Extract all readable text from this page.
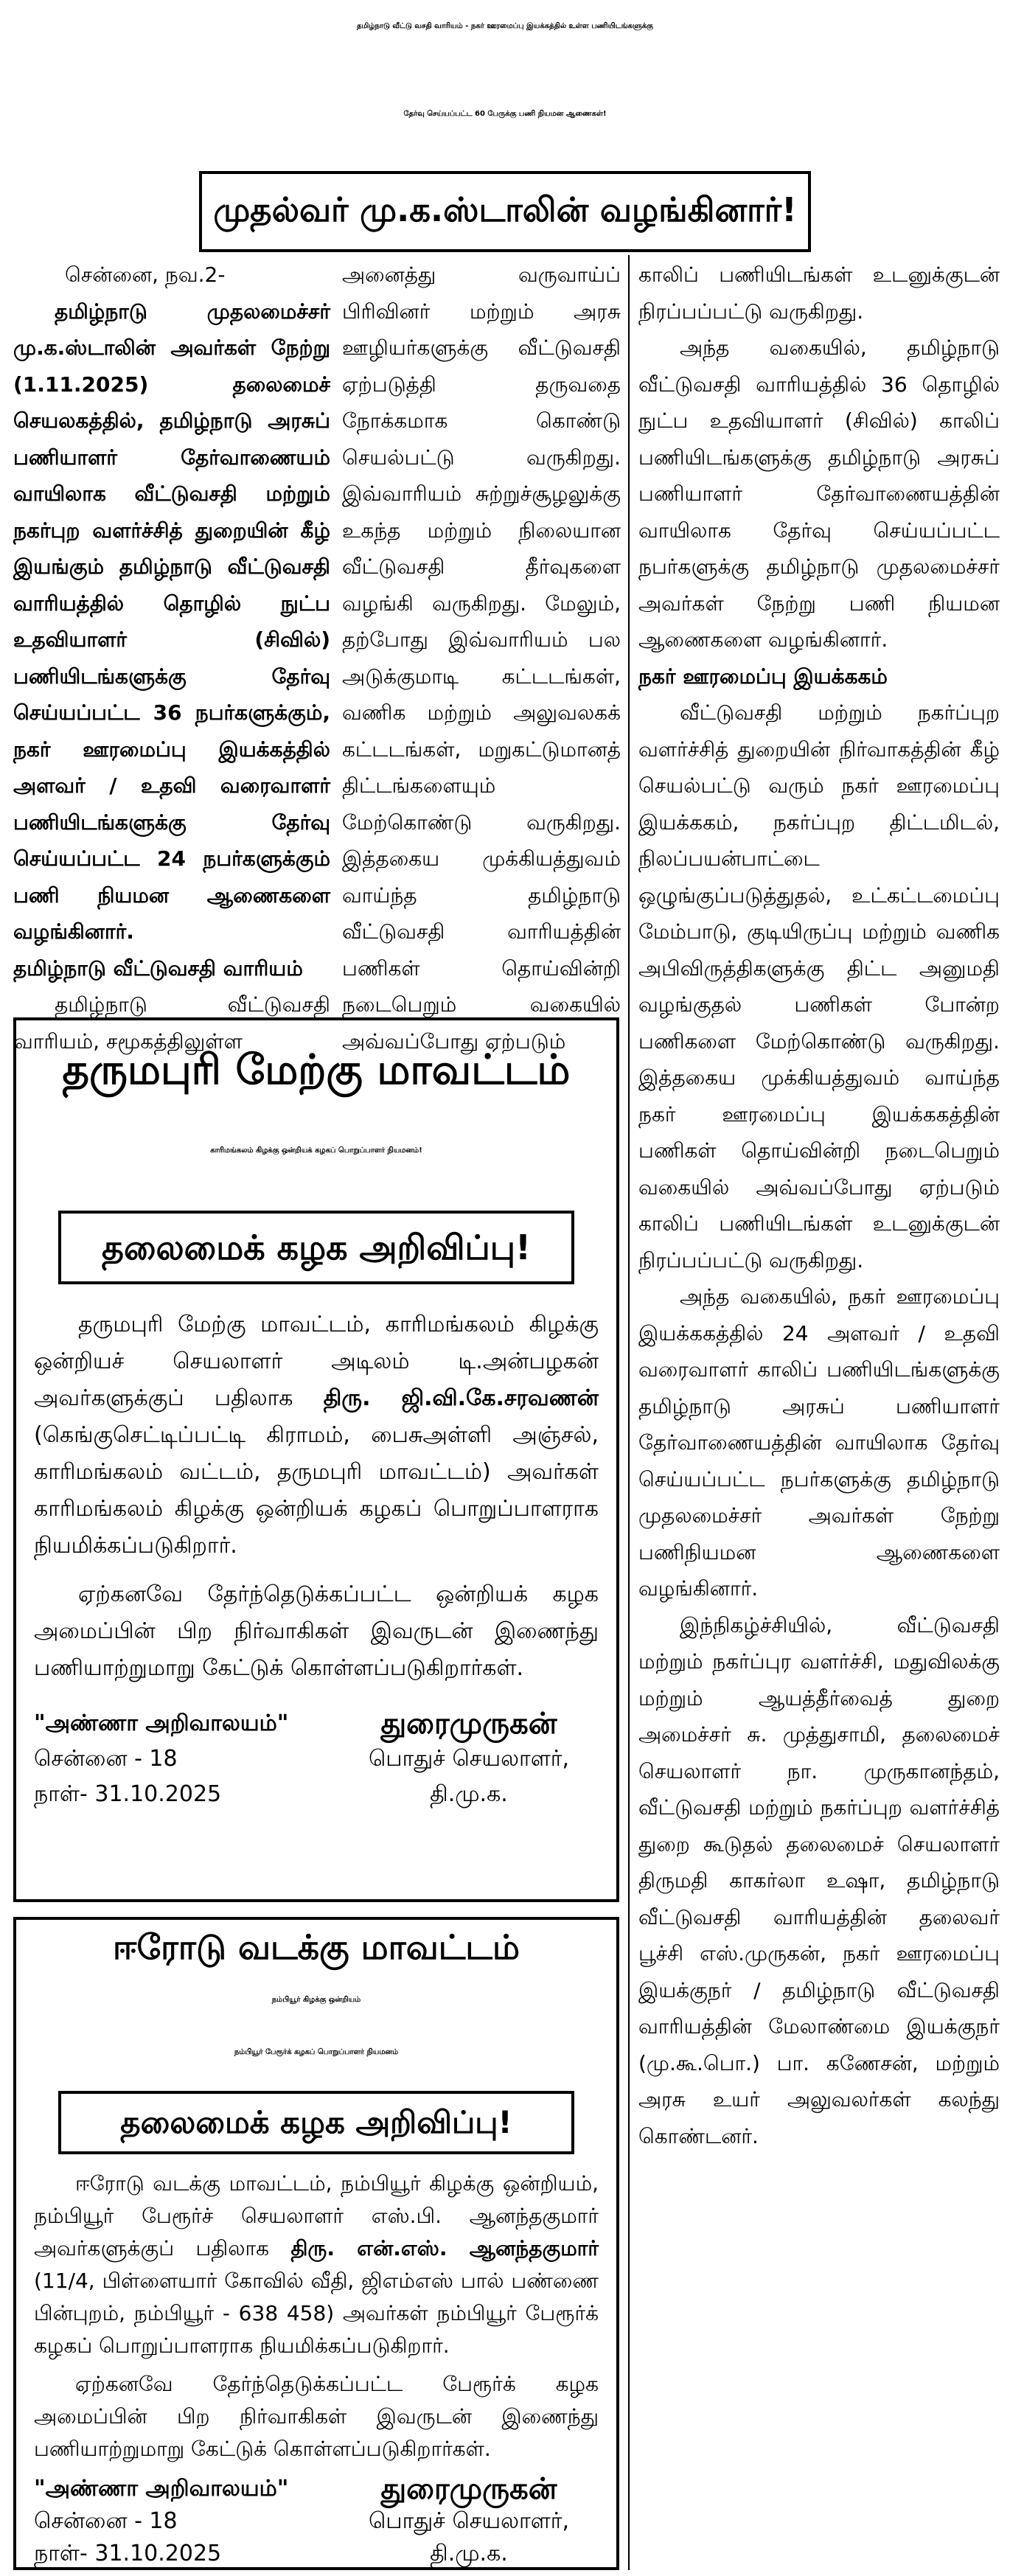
தமிழ்நாடு வீட்டு வசதி வாரியம் - நகர் ஊரமைப்பு இயக்கத்தில் உள்ள பணியிடங்களுக்கு
தேர்வு செய்யப்பட்ட 60 பேருக்கு பணி நியமன ஆணைகள்!
முதல்வர் மு.க.ஸ்டாலின் வழங்கினார்!

சென்னை, நவ.2-

தமிழ்நாடு முதலமைச்சர் மு.க.ஸ்டாலின் அவர்கள் நேற்று (1.11.2025) தலைமைச் செயலகத்தில், தமிழ்நாடு அரசுப் பணியாளர் தேர்வாணையம் வாயிலாக வீட்டுவசதி மற்றும் நகர்புற வளர்ச்சித் துறையின் கீழ் இயங்கும் தமிழ்நாடு வீட்டுவசதி வாரியத்தில் தொழில் நுட்ப உதவியாளர் (சிவில்) பணியிடங்களுக்கு தேர்வு செய்யப்பட்ட 36 நபர்களுக்கும், நகர் ஊரமைப்பு இயக்கத்தில் அளவர் / உதவி வரைவாளர் பணியிடங்களுக்கு தேர்வு செய்யப்பட்ட 24 நபர்களுக்கும் பணி நியமன ஆணைகளை வழங்கினார்.

தமிழ்நாடு வீட்டுவசதி வாரியம்

தமிழ்நாடு வீட்டுவசதி வாரியம், சமூகத்திலுள்ள

அனைத்து வருவாய்ப் பிரிவினர் மற்றும் அரசு ஊழியர்களுக்கு வீட்டுவசதி ஏற்படுத்தி தருவதை நோக்கமாக கொண்டு செயல்பட்டு வருகிறது. இவ்வாரியம் சுற்றுச்சூழலுக்கு உகந்த மற்றும் நிலையான வீட்டுவசதி தீர்வுகளை வழங்கி வருகிறது. மேலும், தற்போது இவ்வாரியம் பல அடுக்குமாடி கட்டடங்கள், வணிக மற்றும் அலுவலகக் கட்டடங்கள், மறுகட்டுமானத் திட்டங்களையும் மேற்கொண்டு வருகிறது. இத்தகைய முக்கியத்துவம் வாய்ந்த தமிழ்நாடு வீட்டுவசதி வாரியத்தின் பணிகள் தொய்வின்றி நடைபெறும் வகையில் அவ்வப்போது ஏற்படும்

காலிப் பணியிடங்கள் உடனுக்குடன் நிரப்பப்பட்டு வருகிறது.

அந்த வகையில், தமிழ்நாடு வீட்டுவசதி வாரியத்தில் 36 தொழில் நுட்ப உதவியாளர் (சிவில்) காலிப் பணியிடங்களுக்கு தமிழ்நாடு அரசுப் பணியாளர் தேர்வாணையத்தின் வாயிலாக தேர்வு செய்யப்பட்ட நபர்களுக்கு தமிழ்நாடு முதலமைச்சர் அவர்கள் நேற்று பணி நியமன ஆணைகளை வழங்கினார்.

நகர் ஊரமைப்பு இயக்ககம்

வீட்டுவசதி மற்றும் நகர்ப்புற வளர்ச்சித் துறையின் நிர்வாகத்தின் கீழ் செயல்பட்டு வரும் நகர் ஊரமைப்பு இயக்ககம், நகர்ப்புற திட்டமிடல், நிலப்பயன்பாட்டை ஒழுங்குப்படுத்துதல், உட்கட்டமைப்பு மேம்பாடு, குடியிருப்பு மற்றும் வணிக அபிவிருத்திகளுக்கு திட்ட அனுமதி வழங்குதல் பணிகள் போன்ற பணிகளை மேற்கொண்டு வருகிறது. இத்தகைய முக்கியத்துவம் வாய்ந்த நகர் ஊரமைப்பு இயக்ககத்தின் பணிகள் தொய்வின்றி நடைபெறும் வகையில் அவ்வப்போது ஏற்படும் காலிப் பணியிடங்கள் உடனுக்குடன் நிரப்பப்பட்டு வருகிறது.

அந்த வகையில், நகர் ஊரமைப்பு இயக்ககத்தில் 24 அளவர் / உதவி வரைவாளர் காலிப் பணியிடங்களுக்கு தமிழ்நாடு அரசுப் பணியாளர் தேர்வாணையத்தின் வாயிலாக தேர்வு செய்யப்பட்ட நபர்களுக்கு தமிழ்நாடு முதலமைச்சர் அவர்கள் நேற்று பணிநியமன ஆணைகளை வழங்கினார்.

இந்நிகழ்ச்சியில், வீட்டுவசதி மற்றும் நகர்ப்புர வளர்ச்சி, மதுவிலக்கு மற்றும் ஆயத்தீர்வைத் துறை அமைச்சர் சு. முத்துசாமி, தலைமைச் செயலாளர் நா. முருகானந்தம், வீட்டுவசதி மற்றும் நகர்ப்புற வளர்ச்சித் துறை கூடுதல் தலைமைச் செயலாளர் திருமதி காகர்லா உஷா, தமிழ்நாடு வீட்டுவசதி வாரியத்தின் தலைவர் பூச்சி எஸ்.முருகன், நகர் ஊரமைப்பு இயக்குநர் / தமிழ்நாடு வீட்டுவசதி வாரியத்தின் மேலாண்மை இயக்குநர் (மு.கூ.பொ.) பா. கணேசன், மற்றும் அரசு உயர் அலுவலர்கள் கலந்து கொண்டனர்.

தருமபுரி மேற்கு மாவட்டம்
காரிமங்கலம் கிழக்கு ஒன்றியக் கழகப் பொறுப்பாளர் நியமனம்!
தலைமைக் கழக அறிவிப்பு!

தருமபுரி மேற்கு மாவட்டம், காரிமங்கலம் கிழக்கு ஒன்றியச் செயலாளர் அடிலம் டி.அன்பழகன் அவர்களுக்குப் பதிலாக திரு. ஜி.வி.கே.சரவணன் (கெங்குசெட்டிப்பட்டி கிராமம், பைசுஅள்ளி அஞ்சல், காரிமங்கலம் வட்டம், தருமபுரி மாவட்டம்) அவர்கள் காரிமங்கலம் கிழக்கு ஒன்றியக் கழகப் பொறுப்பாளராக நியமிக்கப்படுகிறார்.

ஏற்கனவே தேர்ந்தெடுக்கப்பட்ட ஒன்றியக் கழக அமைப்பின் பிற நிர்வாகிகள் இவருடன் இணைந்து பணியாற்றுமாறு கேட்டுக் கொள்ளப்படுகிறார்கள்.

"அண்ணா அறிவாலயம்"
சென்னை - 18
நாள்- 31.10.2025
துரைமுருகன்
பொதுச் செயலாளர்,
தி.மு.க.
ஈரோடு வடக்கு மாவட்டம்
நம்பியூர் கிழக்கு ஒன்றியம்
நம்பியூர் பேரூர்க் கழகப் பொறுப்பாளர் நியமனம்
தலைமைக் கழக அறிவிப்பு!

ஈரோடு வடக்கு மாவட்டம், நம்பியூர் கிழக்கு ஒன்றியம், நம்பியூர் பேரூர்ச் செயலாளர் எஸ்.பி. ஆனந்தகுமார் அவர்களுக்குப் பதிலாக திரு. என்.எஸ். ஆனந்தகுமார் (11/4, பிள்ளையார் கோவில் வீதி, ஜிஎம்எஸ் பால் பண்ணை பின்புறம், நம்பியூர் - 638 458) அவர்கள் நம்பியூர் பேரூர்க் கழகப் பொறுப்பாளராக நியமிக்கப்படுகிறார்.

ஏற்கனவே தேர்ந்தெடுக்கப்பட்ட பேரூர்க் கழக அமைப்பின் பிற நிர்வாகிகள் இவருடன் இணைந்து பணியாற்றுமாறு கேட்டுக் கொள்ளப்படுகிறார்கள்.

"அண்ணா அறிவாலயம்"
சென்னை - 18
நாள்- 31.10.2025
துரைமுருகன்
பொதுச் செயலாளர்,
தி.மு.க.
